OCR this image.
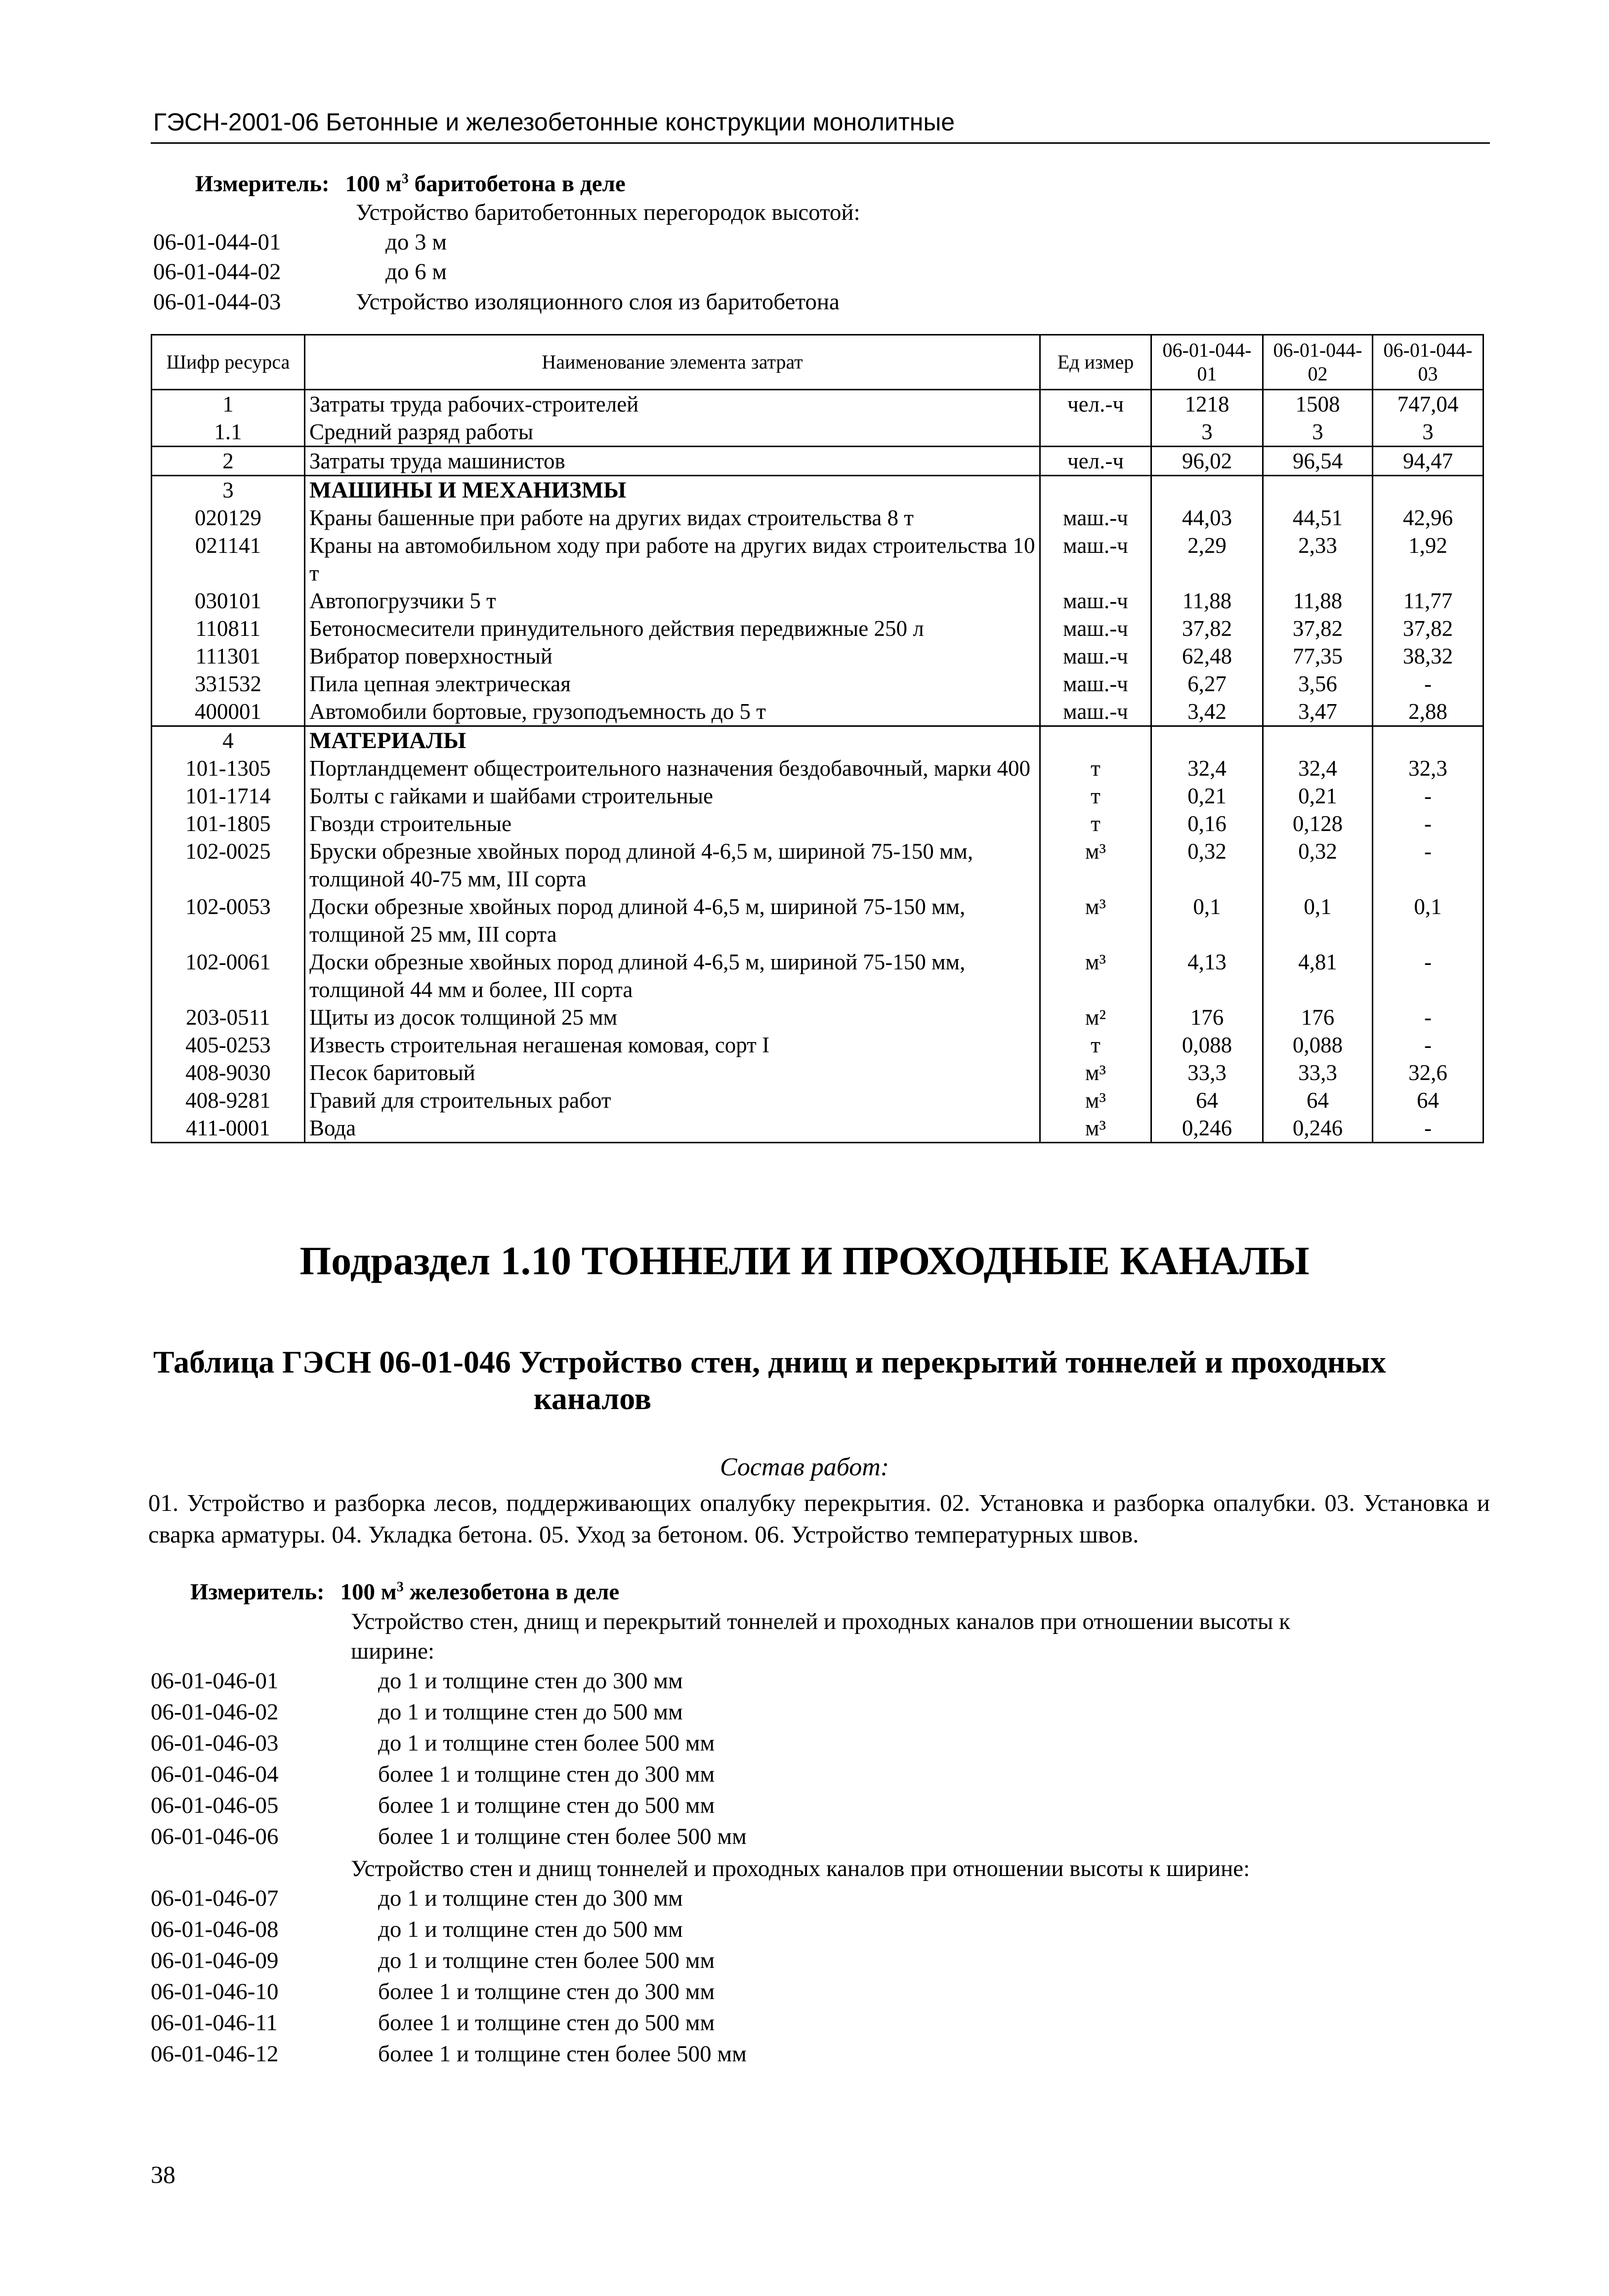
ГЭСН-2001-06 Бетонные и железобетонные конструкции монолитные
Измеритель: 100 $м^3$ баритобетона в деле
Устройство баритобетонных перегородок высотой:
06-01-044-01	до 3 м
06-01-044-02	до 6 м
06-01-044-03	Устройство изоляционного слоя из баритобетона
Шифр ресурса	Наименование элемента затрат	Ед измер	06-01-044-01	06-01-044-02	06-01-044-03
1	Затраты труда рабочих-строителей	чел.-ч	1218	1508	747,04
1.1	Средний разряд работы		3	3	3
2	Затраты труда машинистов	чел.-ч	96,02	96,54	94,47
3	МАШИНЫ И МЕХАНИЗМЫ				
020129	Краны башенные при работе на других видах строительства 8 т	маш.-ч	44,03	44,51	42,96
021141	Краны на автомобильном ходу при работе на других видах строительства 10 т	маш.-ч	2,29	2,33	1,92
030101	Автопогрузчики 5 т	маш.-ч	11,88	11,88	11,77
110811	Бетоносмесители принудительного действия передвижные 250 л	маш.-ч	37,82	37,82	37,82
111301	Вибратор поверхностный	маш.-ч	62,48	77,35	38,32
331532	Пила цепная электрическая	маш.-ч	6,27	3,56	-
400001	Автомобили бортовые, грузоподъемность до 5 т	маш.-ч	3,42	3,47	2,88
4	МАТЕРИАЛЫ				
101-1305	Портландцемент общестроительного назначения бездобавочный, марки 400	т	32,4	32,4	32,3
101-1714	Болты с гайками и шайбами строительные	т	0,21	0,21	-
101-1805	Гвозди строительные	т	0,16	0,128	-
102-0025	Бруски обрезные хвойных пород длиной 4-6,5 м, шириной 75-150 мм, толщиной 40-75 мм, III сорта	м³	0,32	0,32	-
102-0053	Доски обрезные хвойных пород длиной 4-6,5 м, шириной 75-150 мм, толщиной 25 мм, III сорта	м³	0,1	0,1	0,1
102-0061	Доски обрезные хвойных пород длиной 4-6,5 м, шириной 75-150 мм, толщиной 44 мм и более, III сорта	м³	4,13	4,81	-
203-0511	Щиты из досок толщиной 25 мм	м²	176	176	-
405-0253	Известь строительная негашеная комовая, сорт I	т	0,088	0,088	-
408-9030	Песок баритовый	м³	33,3	33,3	32,6
408-9281	Гравий для строительных работ	м³	64	64	64
411-0001	Вода	м³	0,246	0,246	-
Подраздел 1.10 ТОННЕЛИ И ПРОХОДНЫЕ КАНАЛЫ
Таблица ГЭСН 06-01-046 Устройство стен, днищ и перекрытий тоннелей и проходных
каналов
Состав работ:
01. Устройство и разборка лесов, поддерживающих опалубку перекрытия. 02. Установка и разборка опалубки. 03. Установка и сварка арматуры. 04. Укладка бетона. 05. Уход за бетоном. 06. Устройство температурных швов.
Измеритель: 100 $м^3$ железобетона в деле
Устройство стен, днищ и перекрытий тоннелей и проходных каналов при отношении высоты к
ширине:
06-01-046-01	до 1 и толщине стен до 300 мм
06-01-046-02	до 1 и толщине стен до 500 мм
06-01-046-03	до 1 и толщине стен более 500 мм
06-01-046-04	более 1 и толщине стен до 300 мм
06-01-046-05	более 1 и толщине стен до 500 мм
06-01-046-06	более 1 и толщине стен более 500 мм
Устройство стен и днищ тоннелей и проходных каналов при отношении высоты к ширине:
06-01-046-07	до 1 и толщине стен до 300 мм
06-01-046-08	до 1 и толщине стен до 500 мм
06-01-046-09	до 1 и толщине стен более 500 мм
06-01-046-10	более 1 и толщине стен до 300 мм
06-01-046-11	более 1 и толщине стен до 500 мм
06-01-046-12	более 1 и толщине стен более 500 мм
38
